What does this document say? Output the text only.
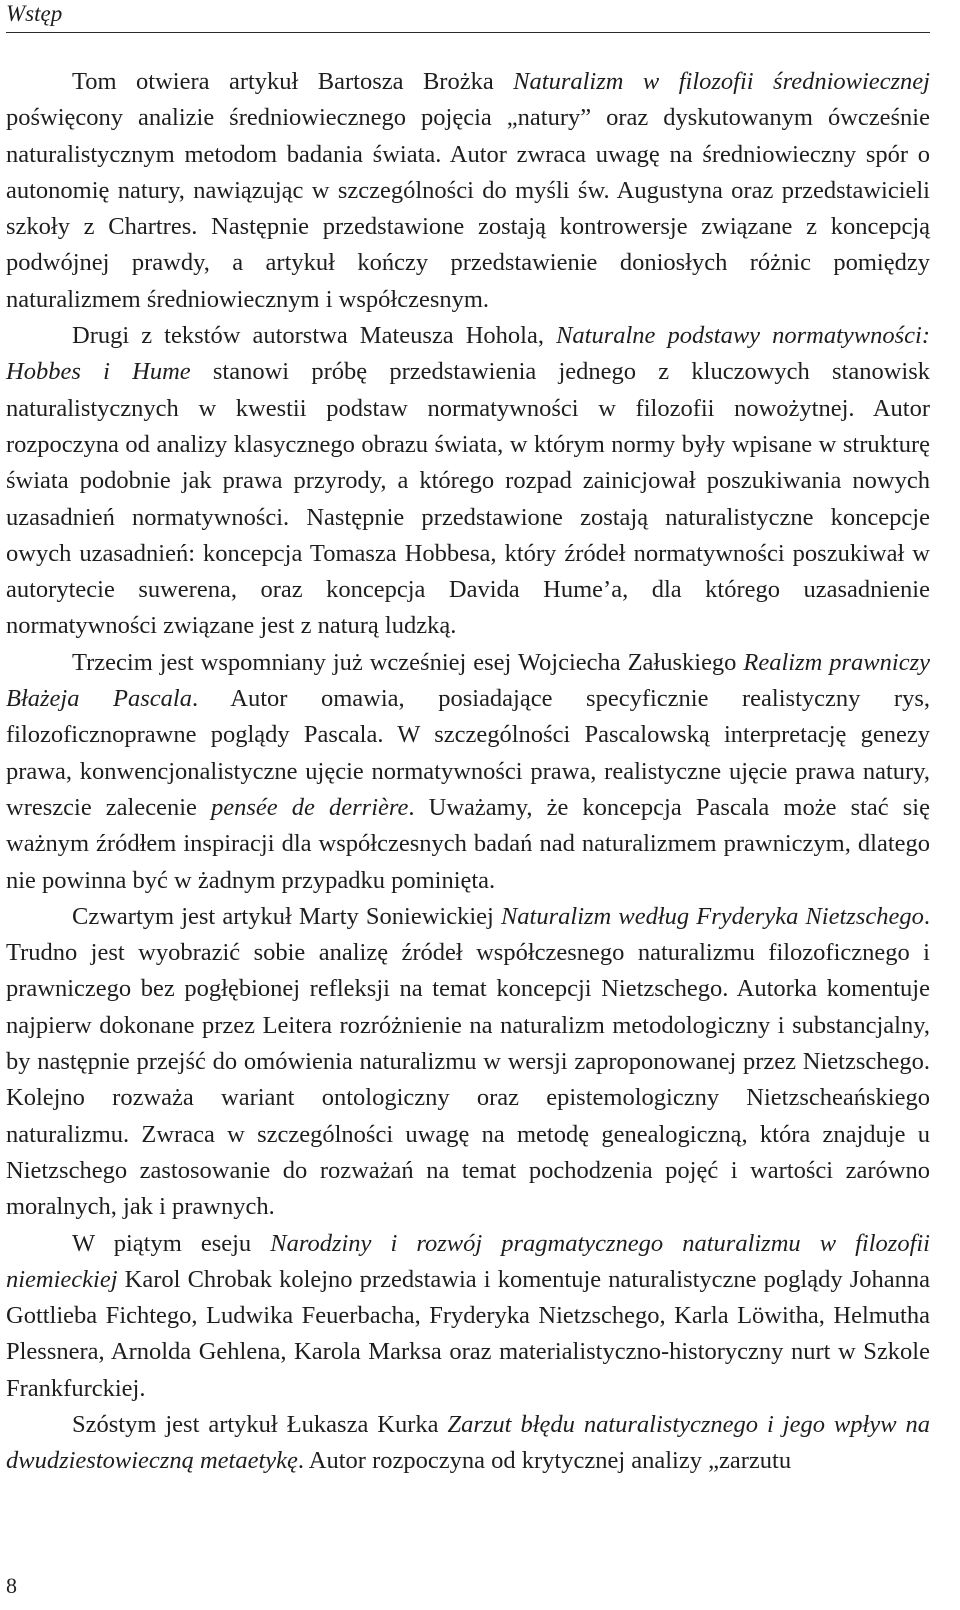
Wstęp

Tom otwiera artykuł Bartosza Brożka Naturalizm w filozofii średniowiecznej poświęcony analizie średniowiecznego pojęcia „natury” oraz dyskutowanym ówcześnie naturalistycznym metodom badania świata. Autor zwraca uwagę na średniowieczny spór o autonomię natury, nawiązując w szczególności do myśli św. Augustyna oraz przedstawicieli szkoły z Chartres. Następnie przedstawione zostają kontrowersje związane z koncepcją podwójnej prawdy, a artykuł kończy przedstawienie doniosłych różnic pomiędzy naturalizmem średniowiecznym i współczesnym.

Drugi z tekstów autorstwa Mateusza Hohola, Naturalne podstawy normatywności: Hobbes i Hume stanowi próbę przedstawienia jednego z kluczowych stanowisk naturalistycznych w kwestii podstaw normatywności w filozofii nowożytnej. Autor rozpoczyna od analizy klasycznego obrazu świata, w którym normy były wpisane w strukturę świata podobnie jak prawa przyrody, a którego rozpad zainicjował poszukiwania nowych uzasadnień normatywności. Następnie przedstawione zostają naturalistyczne koncepcje owych uzasadnień: koncepcja Tomasza Hobbesa, który źródeł normatywności poszukiwał w autorytecie suwerena, oraz koncepcja Davida Hume’a, dla którego uzasadnienie normatywności związane jest z naturą ludzką.

Trzecim jest wspomniany już wcześniej esej Wojciecha Załuskiego Realizm prawniczy Błażeja Pascala. Autor omawia, posiadające specyficznie realistyczny rys, filozoficznoprawne poglądy Pascala. W szczególności Pascalowską interpretację genezy prawa, konwencjonalistyczne ujęcie normatywności prawa, realistyczne ujęcie prawa natury, wreszcie zalecenie pensée de derrière. Uważamy, że koncepcja Pascala może stać się ważnym źródłem inspiracji dla współczesnych badań nad naturalizmem prawniczym, dlatego nie powinna być w żadnym przypadku pominięta.

Czwartym jest artykuł Marty Soniewickiej Naturalizm według Fryderyka Nietzschego. Trudno jest wyobrazić sobie analizę źródeł współczesnego naturalizmu filozoficznego i prawniczego bez pogłębionej refleksji na temat koncepcji Nietzschego. Autorka komentuje najpierw dokonane przez Leitera rozróżnienie na naturalizm metodologiczny i substancjalny, by następnie przejść do omówienia naturalizmu w wersji zaproponowanej przez Nietzschego. Kolejno rozważa wariant ontologiczny oraz epistemologiczny Nietzscheańskiego naturalizmu. Zwraca w szczególności uwagę na metodę genealogiczną, która znajduje u Nietzschego zastosowanie do rozważań na temat pochodzenia pojęć i wartości zarówno moralnych, jak i prawnych.

W piątym eseju Narodziny i rozwój pragmatycznego naturalizmu w filozofii niemieckiej Karol Chrobak kolejno przedstawia i komentuje naturalistyczne poglądy Johanna Gottlieba Fichtego, Ludwika Feuerbacha, Fryderyka Nietzschego, Karla Löwitha, Helmutha Plessnera, Arnolda Gehlena, Karola Marksa oraz materialistyczno-historyczny nurt w Szkole Frankfurckiej.

Szóstym jest artykuł Łukasza Kurka Zarzut błędu naturalistycznego i jego wpływ na dwudziestowieczną metaetykę. Autor rozpoczyna od krytycznej analizy „zarzutu

8
